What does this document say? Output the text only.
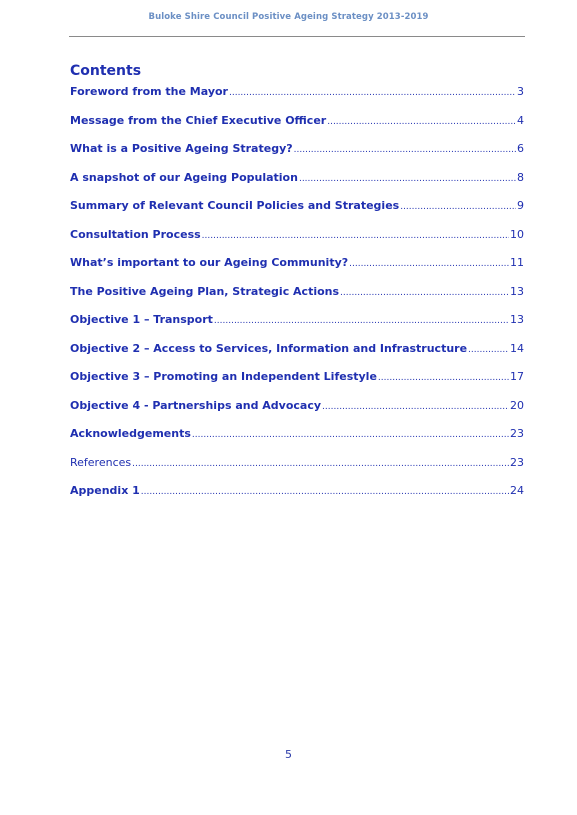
Buloke Shire Council Positive Ageing Strategy 2013-2019
Contents
Foreword from the Mayor .....	3
Message from the Chief Executive Officer .....	4
What is a Positive Ageing Strategy? .....	6
A snapshot of our Ageing Population .....	8
Summary of Relevant Council Policies and Strategies .....	9
Consultation Process .....	10
What’s important to our Ageing Community? .....	11
The Positive Ageing Plan, Strategic Actions .....	13
Objective 1 – Transport .....	13
Objective 2 – Access to Services, Information and Infrastructure .....	14
Objective 3 – Promoting an Independent Lifestyle .....	17
Objective 4 - Partnerships and Advocacy .....	20
Acknowledgements .....	23
References .....	23
Appendix 1 .....	24
5
